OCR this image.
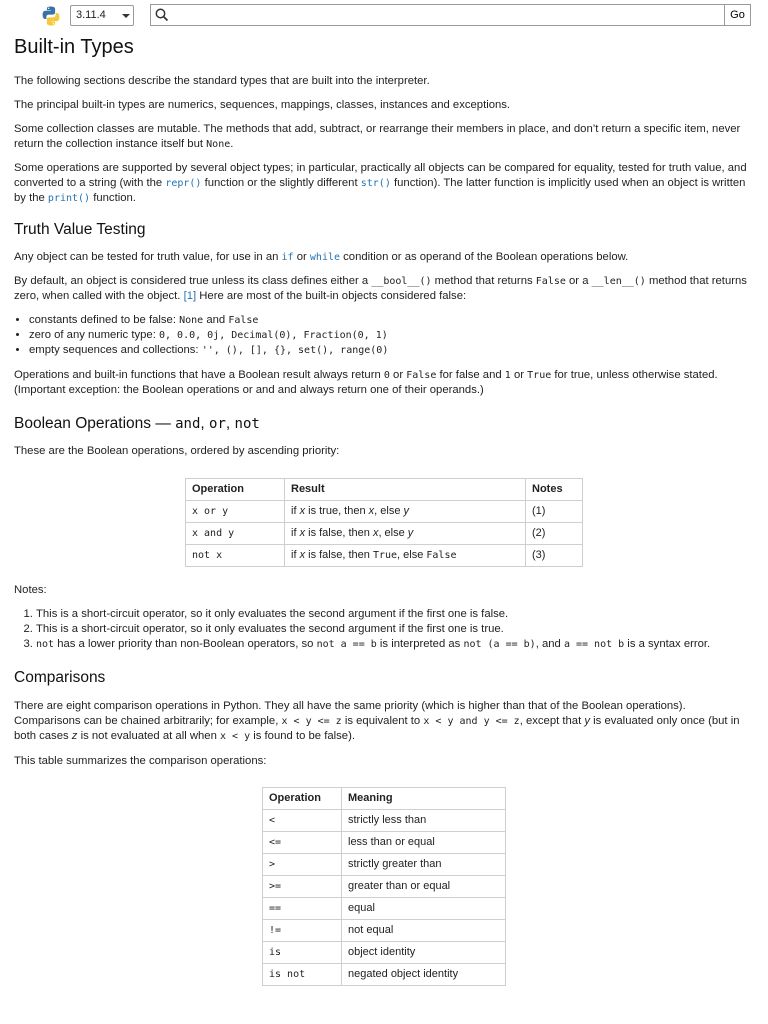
3.11.4	Go
Built-in Types

The following sections describe the standard types that are built into the interpreter.

The principal built-in types are numerics, sequences, mappings, classes, instances and exceptions.

Some collection classes are mutable. The methods that add, subtract, or rearrange their members in place, and don’t return a specific item, never return the collection instance itself but None.

Some operations are supported by several object types; in particular, practically all objects can be compared for equality, tested for truth value, and converted to a string (with the repr() function or the slightly different str() function). The latter function is implicitly used when an object is written by the print() function.

Truth Value Testing

Any object can be tested for truth value, for use in an if or while condition or as operand of the Boolean operations below.

By default, an object is considered true unless its class defines either a __bool__() method that returns False or a __len__() method that returns zero, when called with the object. [1] Here are most of the built-in objects considered false:

• constants defined to be false: None and False
• zero of any numeric type: 0, 0.0, 0j, Decimal(0), Fraction(0, 1)
• empty sequences and collections: '', (), [], {}, set(), range(0)

Operations and built-in functions that have a Boolean result always return 0 or False for false and 1 or True for true, unless otherwise stated. (Important exception: the Boolean operations or and and always return one of their operands.)

Boolean Operations — and, or, not

These are the Boolean operations, ordered by ascending priority:

Operation	Result	Notes
x or y	if x is true, then x, else y	(1)
x and y	if x is false, then x, else y	(2)
not x	if x is false, then True, else False	(3)

Notes:

1. This is a short-circuit operator, so it only evaluates the second argument if the first one is false.
2. This is a short-circuit operator, so it only evaluates the second argument if the first one is true.
3. not has a lower priority than non-Boolean operators, so not a == b is interpreted as not (a == b), and a == not b is a syntax error.
Comparisons

There are eight comparison operations in Python. They all have the same priority (which is higher than that of the Boolean operations). Comparisons can be chained arbitrarily; for example, x < y <= z is equivalent to x < y and y <= z, except that y is evaluated only once (but in both cases z is not evaluated at all when x < y is found to be false).

This table summarizes the comparison operations:

Operation	Meaning
<	strictly less than
<=	less than or equal
>	strictly greater than
>=	greater than or equal
==	equal
!=	not equal
is	object identity
is not	negated object identity
